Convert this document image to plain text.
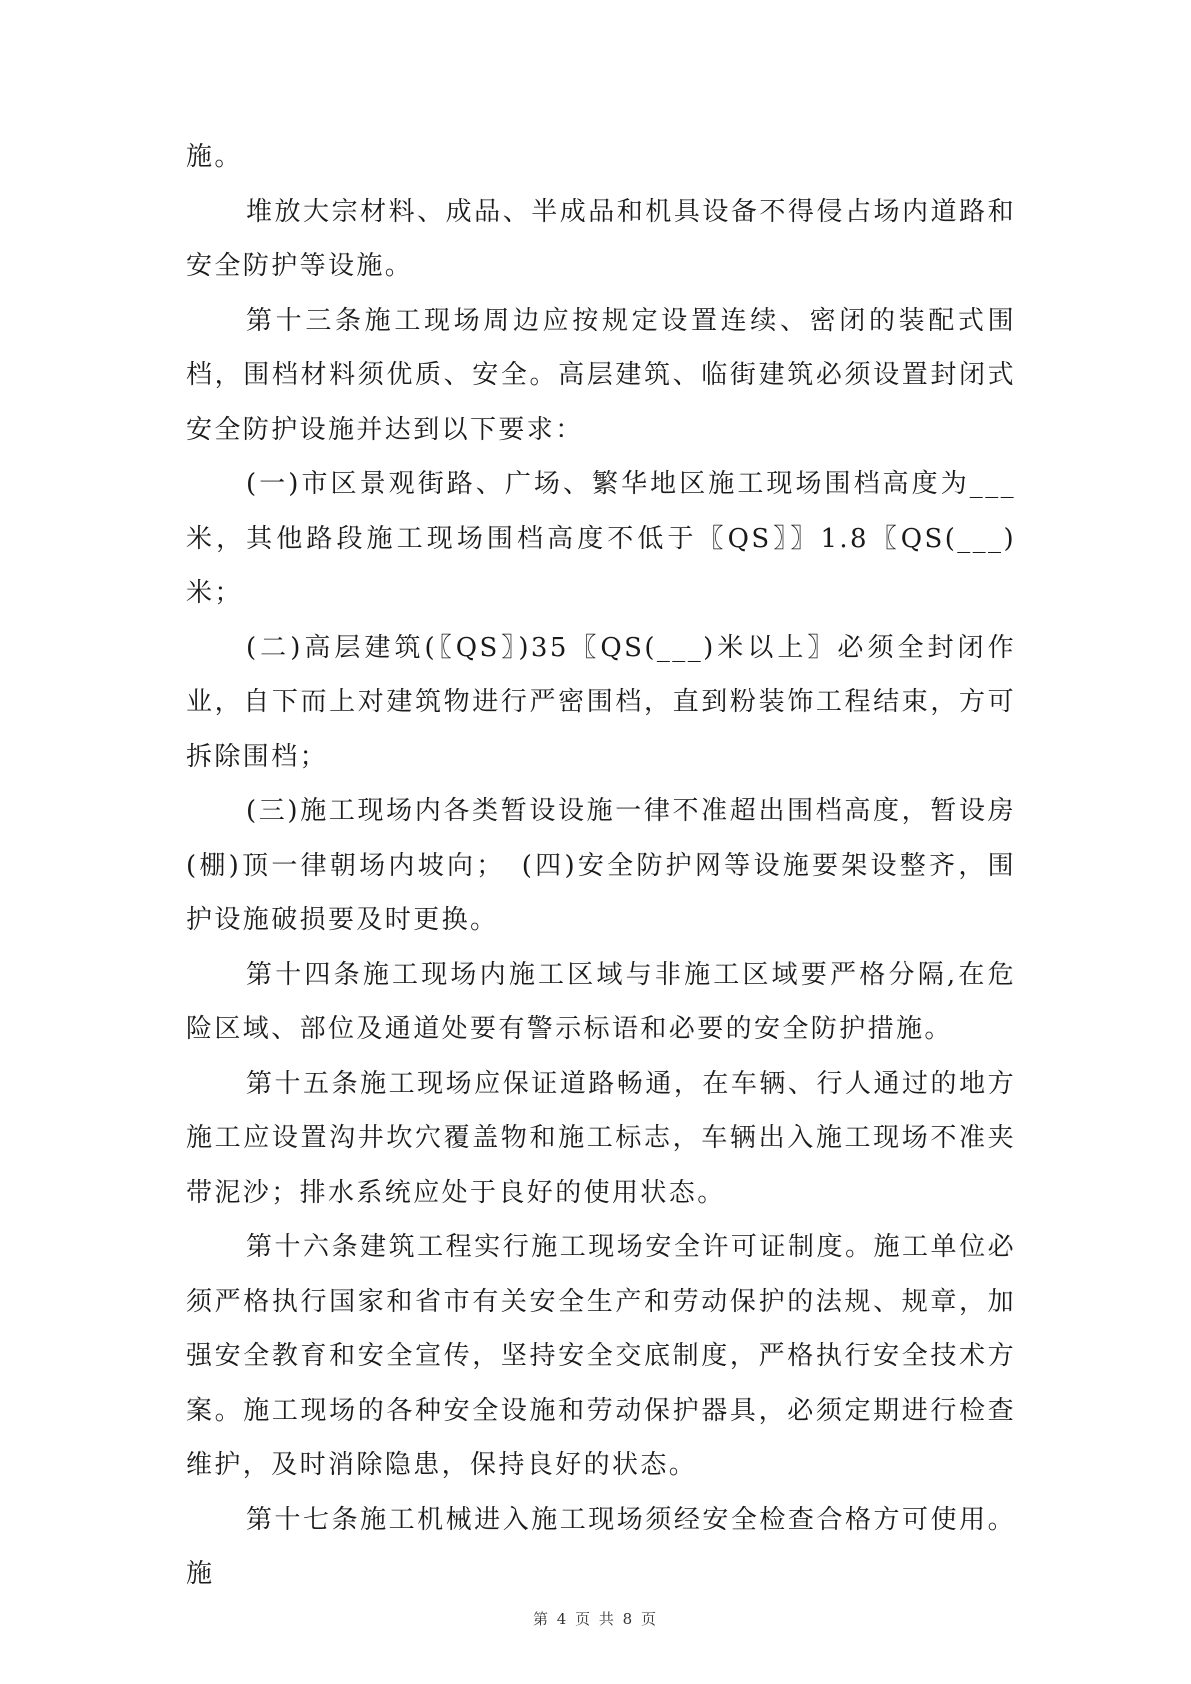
施。

堆放大宗材料、成品、半成品和机具设备不得侵占场内道路和安全防护等设施。

第十三条施工现场周边应按规定设置连续、密闭的装配式围档，围档材料须优质、安全。高层建筑、临街建筑必须设置封闭式安全防护设施并达到以下要求：

(一)市区景观街路、广场、繁华地区施工现场围档高度为___米，其他路段施工现场围档高度不低于〖QS〗〗1.8〖QS(___)米；

(二)高层建筑(〖QS〗)35〖QS(___)米以上〗必须全封闭作业，自下而上对建筑物进行严密围档，直到粉装饰工程结束，方可拆除围档；

(三)施工现场内各类暂设设施一律不准超出围档高度，暂设房(棚)顶一律朝场内坡向；　(四)安全防护网等设施要架设整齐，围护设施破损要及时更换。

第十四条施工现场内施工区域与非施工区域要严格分隔,在危险区域、部位及通道处要有警示标语和必要的安全防护措施。

第十五条施工现场应保证道路畅通，在车辆、行人通过的地方施工应设置沟井坎穴覆盖物和施工标志，车辆出入施工现场不准夹带泥沙；排水系统应处于良好的使用状态。

第十六条建筑工程实行施工现场安全许可证制度。施工单位必须严格执行国家和省市有关安全生产和劳动保护的法规、规章，加强安全教育和安全宣传，坚持安全交底制度，严格执行安全技术方案。施工现场的各种安全设施和劳动保护器具，必须定期进行检查维护，及时消除隐患，保持良好的状态。

第十七条施工机械进入施工现场须经安全检查合格方可使用。施

第 4 页 共 8 页
